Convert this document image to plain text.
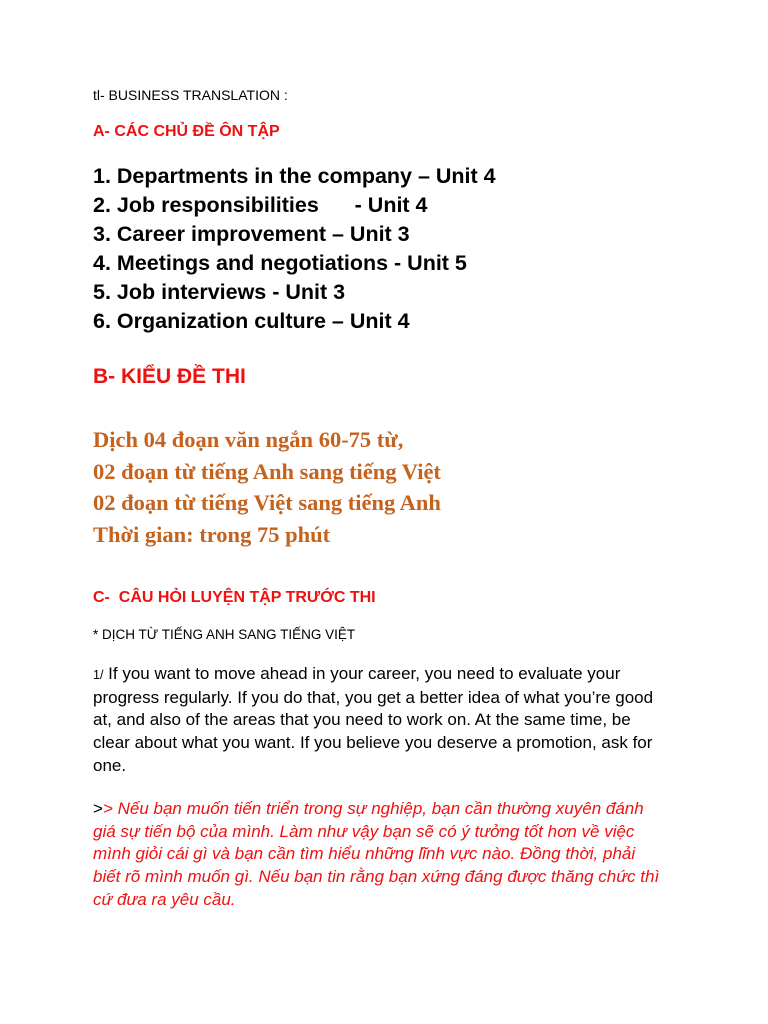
tl- BUSINESS TRANSLATION :
A- CÁC CHỦ ĐỀ ÔN TẬP
1. Departments in the company – Unit 4
2. Job responsibilities      - Unit 4
3. Career improvement – Unit 3
4. Meetings and negotiations - Unit 5
5. Job interviews - Unit 3
6. Organization culture – Unit 4
B- KIỂU ĐỀ THI
Dịch 04 đoạn văn ngắn 60-75 từ,
02 đoạn từ tiếng Anh sang tiếng Việt
02 đoạn từ tiếng Việt sang tiếng Anh
Thời gian: trong 75 phút
C-  CÂU HỎI LUYỆN TẬP TRƯỚC THI
* DỊCH TỪ TIẾNG ANH SANG TIẾNG VIỆT

1/ If you want to move ahead in your career, you need to evaluate your progress regularly. If you do that, you get a better idea of what you’re good at, and also of the areas that you need to work on. At the same time, be clear about what you want. If you believe you deserve a promotion, ask for one.

>> Nếu bạn muốn tiến triển trong sự nghiệp, bạn cần thường xuyên đánh giá sự tiến bộ của mình. Làm như vậy bạn sẽ có ý tưởng tốt hơn về việc mình giỏi cái gì và bạn cần tìm hiểu những lĩnh vực nào. Đồng thời, phải biết rõ mình muốn gì. Nếu bạn tin rằng bạn xứng đáng được thăng chức thì cứ đưa ra yêu cầu.
